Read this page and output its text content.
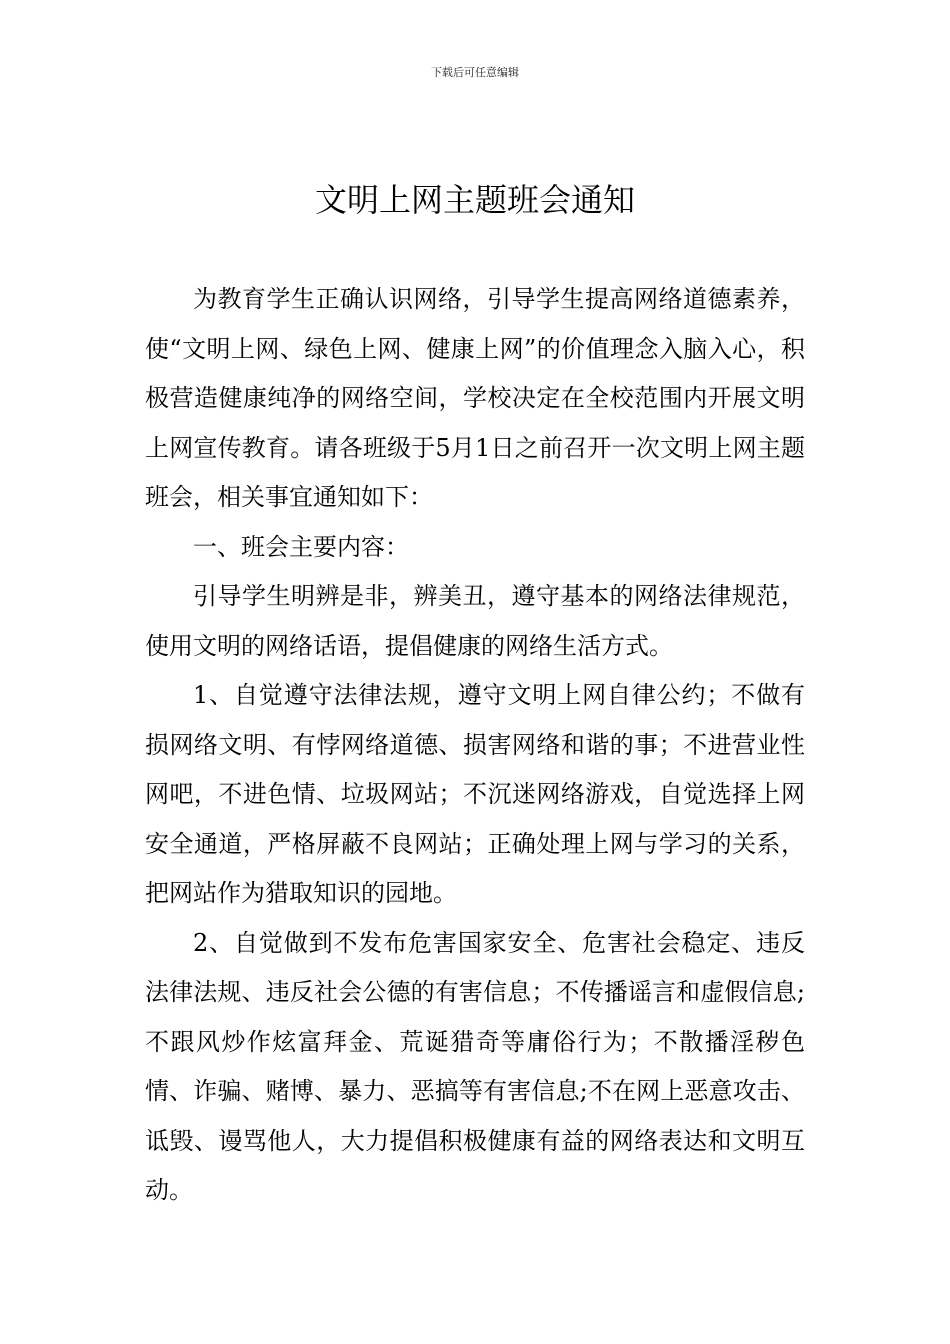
下载后可任意编辑
文明上网主题班会通知

为教育学生正确认识网络，引导学生提高网络道德素养，使“文明上网、绿色上网、健康上网”的价值理念入脑入心，积极营造健康纯净的网络空间，学校决定在全校范围内开展文明上网宣传教育。请各班级于5月1日之前召开一次文明上网主题班会，相关事宜通知如下：

一、班会主要内容：

引导学生明辨是非，辨美丑，遵守基本的网络法律规范，使用文明的网络话语，提倡健康的网络生活方式。

1、自觉遵守法律法规，遵守文明上网自律公约；不做有损网络文明、有悖网络道德、损害网络和谐的事；不进营业性网吧，不进色情、垃圾网站；不沉迷网络游戏，自觉选择上网安全通道，严格屏蔽不良网站；正确处理上网与学习的关系，把网站作为猎取知识的园地。

2、自觉做到不发布危害国家安全、危害社会稳定、违反法律法规、违反社会公德的有害信息；不传播谣言和虚假信息;不跟风炒作炫富拜金、荒诞猎奇等庸俗行为；不散播淫秽色情、诈骗、赌博、暴力、恶搞等有害信息;不在网上恶意攻击、诋毁、谩骂他人，大力提倡积极健康有益的网络表达和文明互动。
